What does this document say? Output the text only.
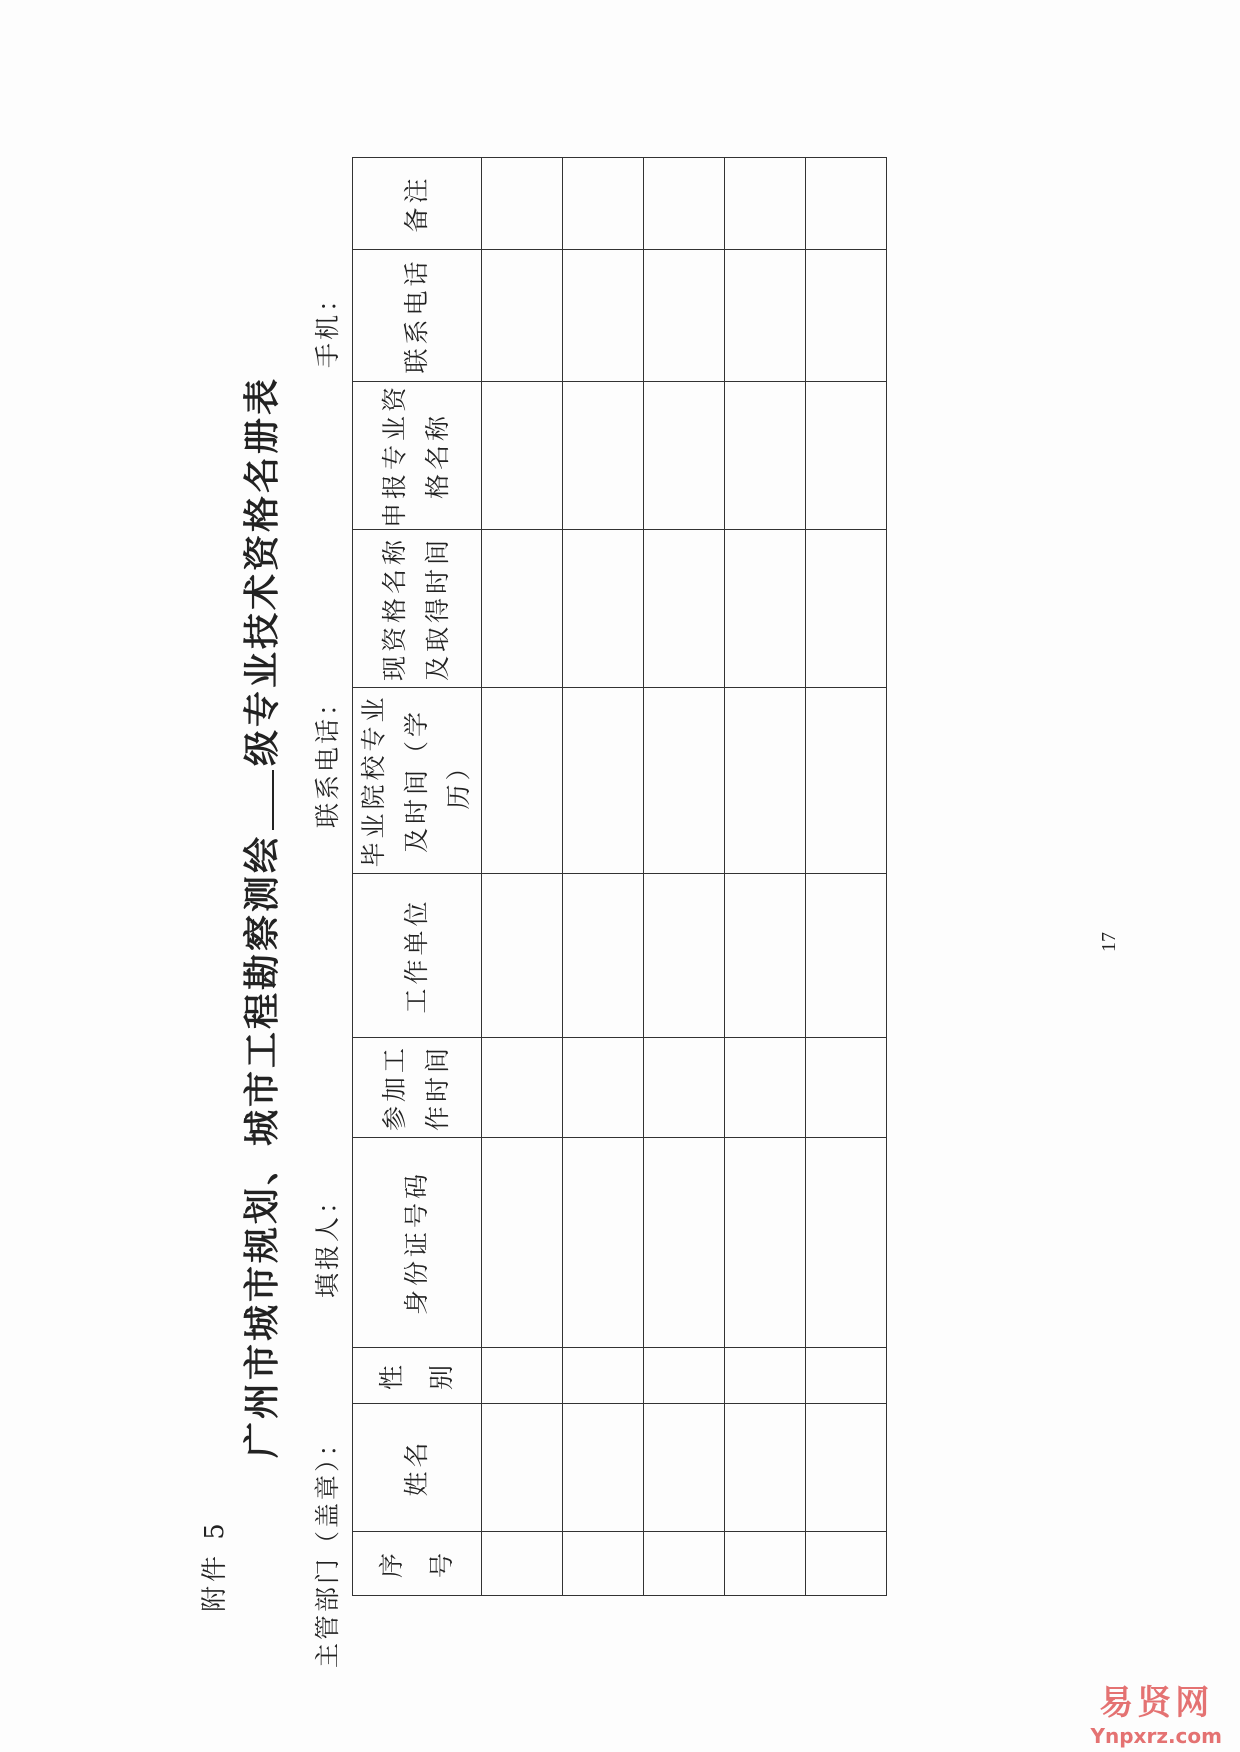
附件 5
广州市城市规划、城市工程勘察测绘级专业技术资格名册表
主管部门（盖章）：
填报人：
联系电话：
手机：
序 号	姓名	性 别	身份证号码	参加工作时间	工作单位	毕业院校专业及时间（学历）	现资格名称及取得时间	申报专业资格名称	联系电话	备注

17
易贤网
Ynpxrz.com
